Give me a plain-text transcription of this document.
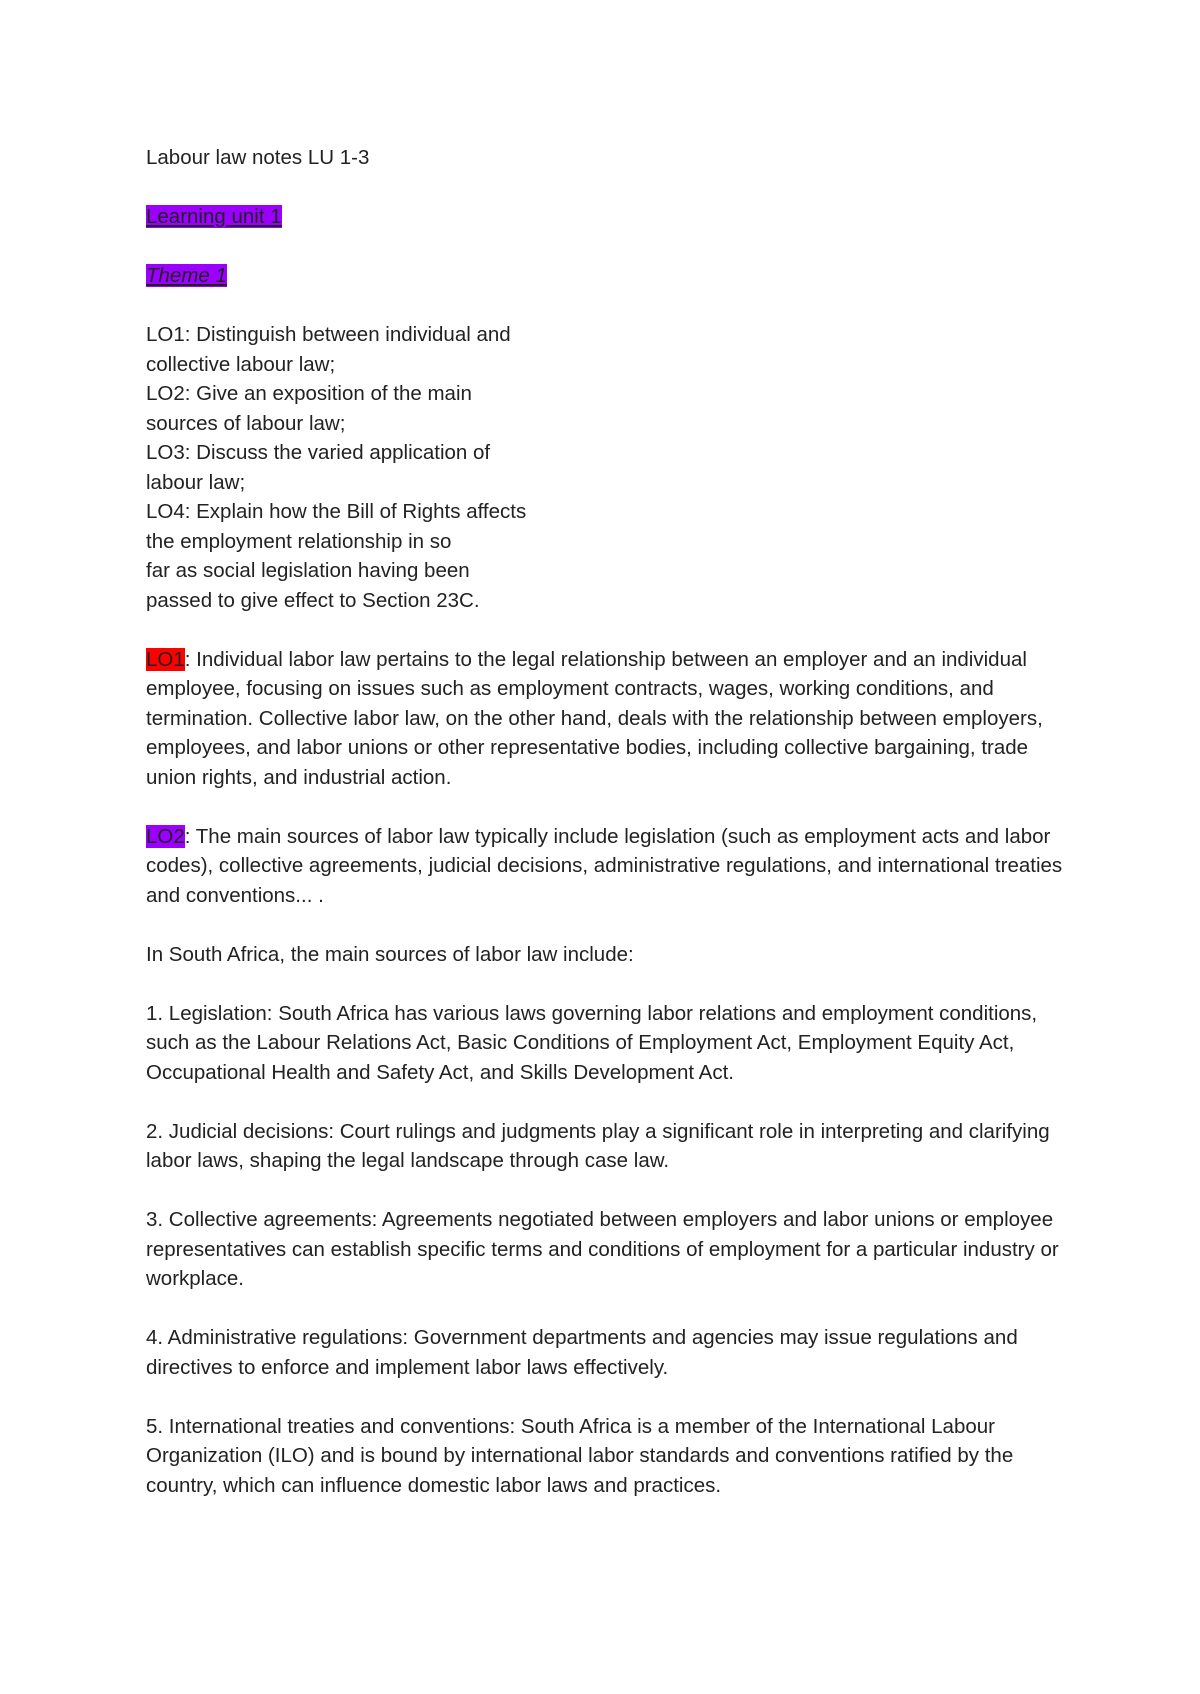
Labour law notes LU 1-3

Learning unit 1

Theme 1

LO1: Distinguish between individual and
collective labour law;
LO2: Give an exposition of the main
sources of labour law;
LO3: Discuss the varied application of
labour law;
LO4: Explain how the Bill of Rights affects
the employment relationship in so
far as social legislation having been
passed to give effect to Section 23C.

LO1: Individual labor law pertains to the legal relationship between an employer and an individual employee, focusing on issues such as employment contracts, wages, working conditions, and termination. Collective labor law, on the other hand, deals with the relationship between employers, employees, and labor unions or other representative bodies, including collective bargaining, trade union rights, and industrial action.

LO2: The main sources of labor law typically include legislation (such as employment acts and labor codes), collective agreements, judicial decisions, administrative regulations, and international treaties and conventions... .

In South Africa, the main sources of labor law include:

1. Legislation: South Africa has various laws governing labor relations and employment conditions, such as the Labour Relations Act, Basic Conditions of Employment Act, Employment Equity Act, Occupational Health and Safety Act, and Skills Development Act.

2. Judicial decisions: Court rulings and judgments play a significant role in interpreting and clarifying labor laws, shaping the legal landscape through case law.

3. Collective agreements: Agreements negotiated between employers and labor unions or employee representatives can establish specific terms and conditions of employment for a particular industry or workplace.

4. Administrative regulations: Government departments and agencies may issue regulations and directives to enforce and implement labor laws effectively.

5. International treaties and conventions: South Africa is a member of the International Labour Organization (ILO) and is bound by international labor standards and conventions ratified by the country, which can influence domestic labor laws and practices.
